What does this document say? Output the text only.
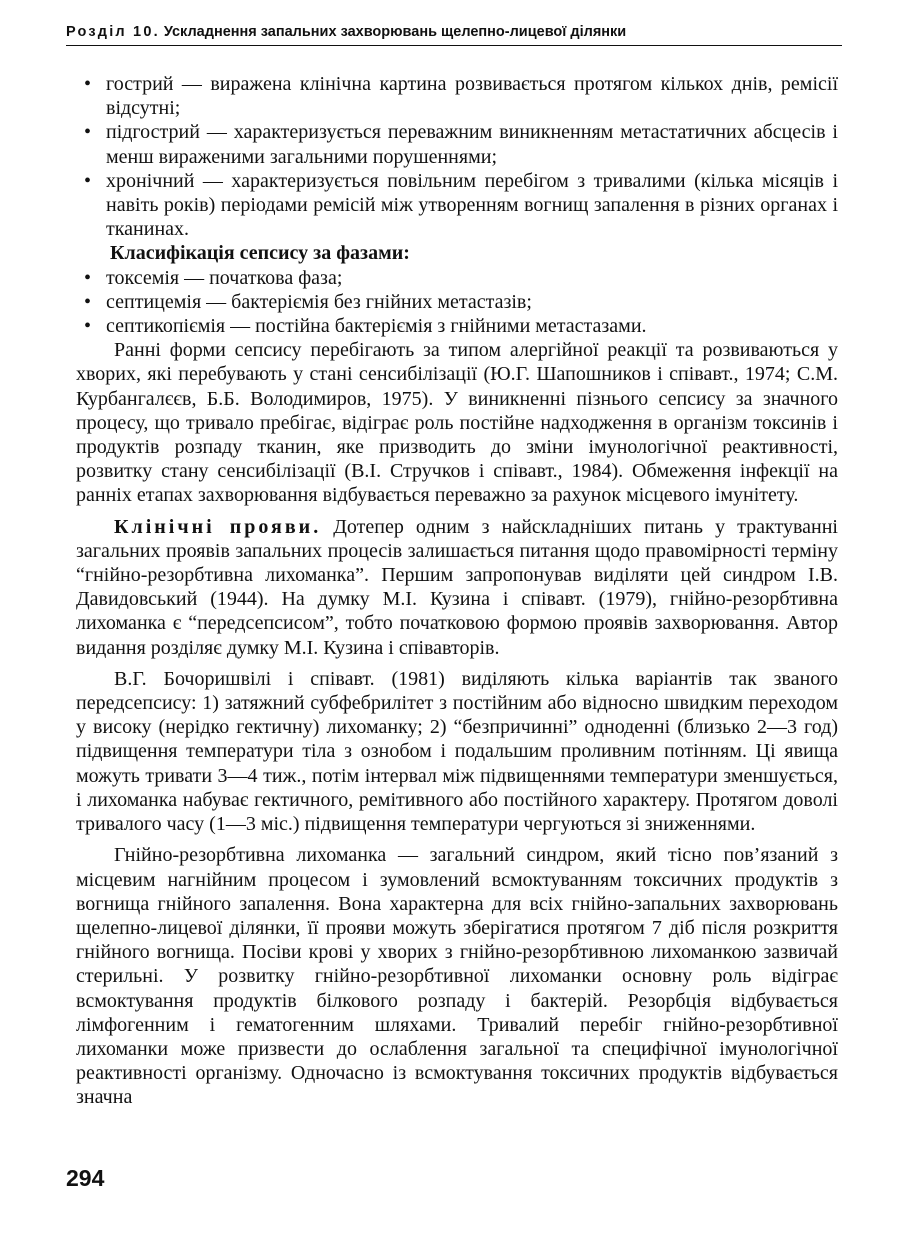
Розділ 10. Ускладнення запальних захворювань щелепно-лицевої ділянки
• гострий — виражена клінічна картина розвивається протягом кількох днів, ремісії відсутні;
• підгострий — характеризується переважним виникненням метастатичних абсцесів і менш вираженими загальними порушеннями;
• хронічний — характеризується повільним перебігом з тривалими (кілька місяців і навіть років) періодами ремісій між утворенням вогнищ запалення в різних органах і тканинах.
Класифікація сепсису за фазами:
• токсемія — початкова фаза;
• септицемія — бактеріємія без гнійних метастазів;
• септикопіємія — постійна бактеріємія з гнійними метастазами.

Ранні форми сепсису перебігають за типом алергійної реакції та розвиваються у хворих, які перебувають у стані сенсибілізації (Ю.Г. Шапошников і співавт., 1974; С.М. Курбангалєєв, Б.Б. Володимиров, 1975). У виникненні пізнього сепсису за значного процесу, що тривало пребігає, відіграє роль постійне надходження в організм токсинів і продуктів розпаду тканин, яке призводить до зміни імунологічної реактивності, розвитку стану сенсибілізації (В.І. Стручков і співавт., 1984). Обмеження інфекції на ранніх етапах захворювання відбувається переважно за рахунок місцевого імунітету.

Клінічні прояви. Дотепер одним з найскладніших питань у трактуванні загальних проявів запальних процесів залишається питання щодо правомірності терміну “гнійно-резорбтивна лихоманка”. Першим запропонував виділяти цей синдром І.В. Давидовський (1944). На думку М.І. Кузина і співавт. (1979), гнійно-резорбтивна лихоманка є “передсепсисом”, тобто початковою формою проявів захворювання. Автор видання розділяє думку М.І. Кузина і співавторів.

В.Г. Бочоришвілі і співавт. (1981) виділяють кілька варіантів так званого передсепсису: 1) затяжний субфебрилітет з постійним або відносно швидким переходом у високу (нерідко гектичну) лихоманку; 2) “безпричинні” одноденні (близько 2—3 год) підвищення температури тіла з ознобом і подальшим проливним потінням. Ці явища можуть тривати 3—4 тиж., потім інтервал між підвищеннями температури зменшується, і лихоманка набуває гектичного, ремітивного або постійного характеру. Протягом доволі тривалого часу (1—3 міс.) підвищення температури чергуються зі зниженнями.

Гнійно-резорбтивна лихоманка — загальний синдром, який тісно пов’язаний з місцевим нагнійним процесом і зумовлений всмоктуванням токсичних продуктів з вогнища гнійного запалення. Вона характерна для всіх гнійно-запальних захворювань щелепно-лицевої ділянки, її прояви можуть зберігатися протягом 7 діб після розкриття гнійного вогнища. Посіви крові у хворих з гнійно-резорбтивною лихоманкою зазвичай стерильні. У розвитку гнійно-резорбтивної лихоманки основну роль відіграє всмоктування продуктів білкового розпаду і бактерій. Резорбція відбувається лімфогенним і гематогенним шляхами. Тривалий перебіг гнійно-резорбтивної лихоманки може призвести до ослаблення загальної та специфічної імунологічної реактивності організму. Одночасно із всмоктування токсичних продуктів відбувається значна

294
